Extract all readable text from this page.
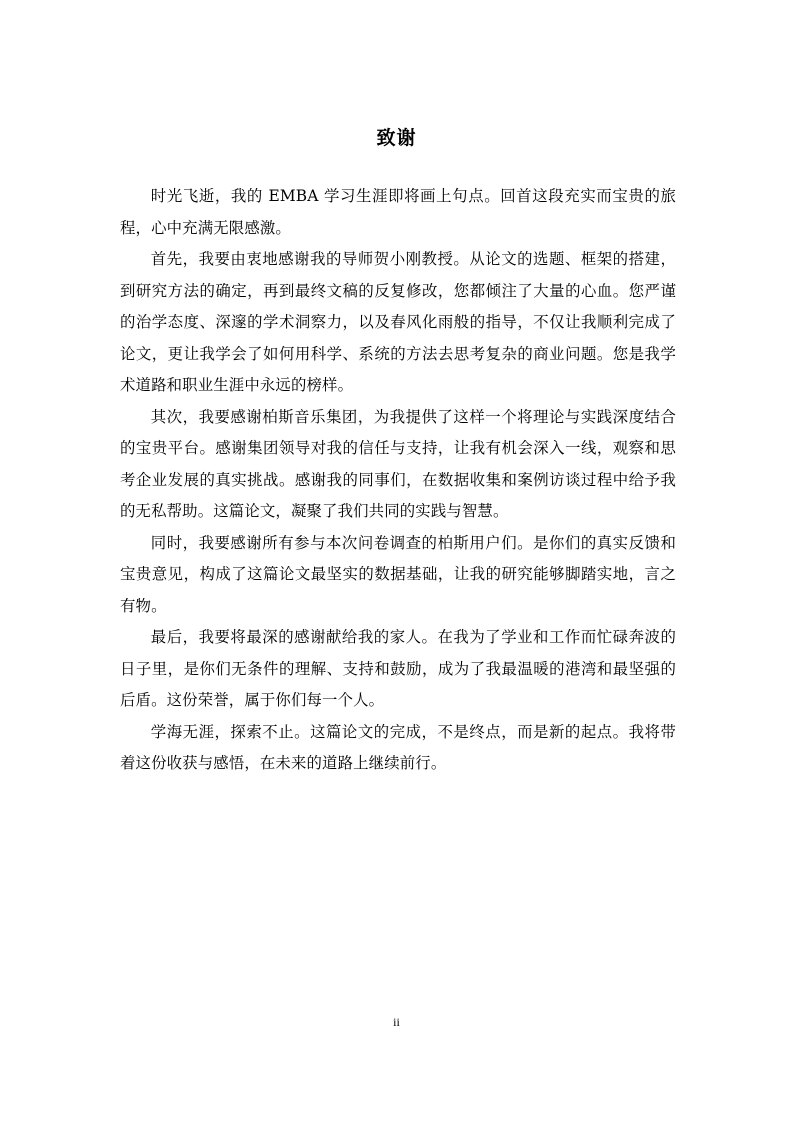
致谢

时光飞逝，我的 EMBA 学习生涯即将画上句点。回首这段充实而宝贵的旅程，心中充满无限感激。

首先，我要由衷地感谢我的导师贺小刚教授。从论文的选题、框架的搭建，到研究方法的确定，再到最终文稿的反复修改，您都倾注了大量的心血。您严谨的治学态度、深邃的学术洞察力，以及春风化雨般的指导，不仅让我顺利完成了论文，更让我学会了如何用科学、系统的方法去思考复杂的商业问题。您是我学术道路和职业生涯中永远的榜样。

其次，我要感谢柏斯音乐集团，为我提供了这样一个将理论与实践深度结合的宝贵平台。感谢集团领导对我的信任与支持，让我有机会深入一线，观察和思考企业发展的真实挑战。感谢我的同事们，在数据收集和案例访谈过程中给予我的无私帮助。这篇论文，凝聚了我们共同的实践与智慧。

同时，我要感谢所有参与本次问卷调查的柏斯用户们。是你们的真实反馈和宝贵意见，构成了这篇论文最坚实的数据基础，让我的研究能够脚踏实地，言之有物。

最后，我要将最深的感谢献给我的家人。在我为了学业和工作而忙碌奔波的日子里，是你们无条件的理解、支持和鼓励，成为了我最温暖的港湾和最坚强的后盾。这份荣誉，属于你们每一个人。

学海无涯，探索不止。这篇论文的完成，不是终点，而是新的起点。我将带着这份收获与感悟，在未来的道路上继续前行。

ii
